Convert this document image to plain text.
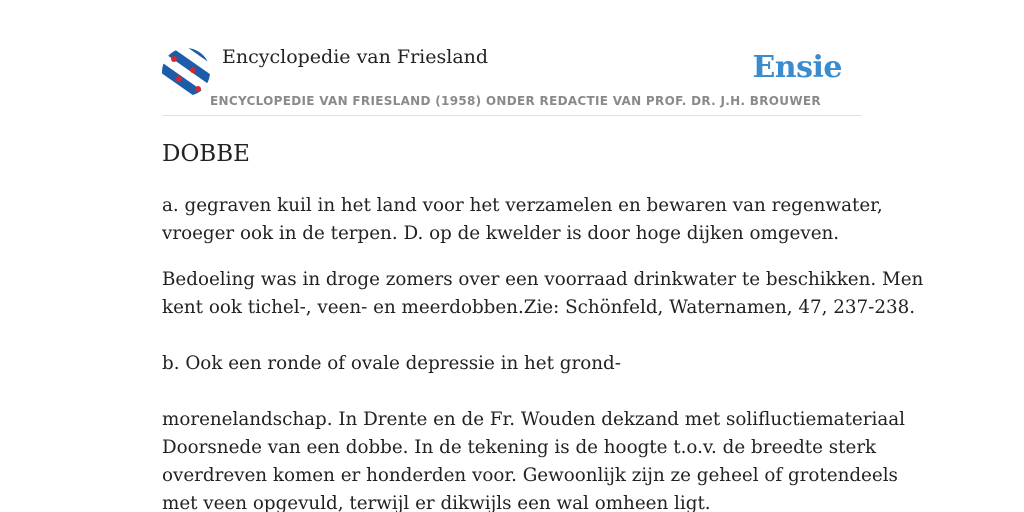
Encyclopedie van Friesland	Ensie
ENCYCLOPEDIE VAN FRIESLAND (1958) ONDER REDACTIE VAN PROF. DR. J.H. BROUWER
DOBBE

a. gegraven kuil in het land voor het verzamelen en bewaren van regenwater,
vroeger ook in de terpen. D. op de kwelder is door hoge dijken omgeven.

Bedoeling was in droge zomers over een voorraad drinkwater te beschikken. Men
kent ook tichel-, veen- en meerdobben.Zie: Schönfeld, Waternamen, 47, 237-238.

b. Ook een ronde of ovale depressie in het grond-

morenelandschap. In Drente en de Fr. Wouden dekzand met solifluctiemateriaal
Doorsnede van een dobbe. In de tekening is de hoogte t.o.v. de breedte sterk
overdreven komen er honderden voor. Gewoonlijk zijn ze geheel of grotendeels
met veen opgevuld, terwijl er dikwijls een wal omheen ligt.
